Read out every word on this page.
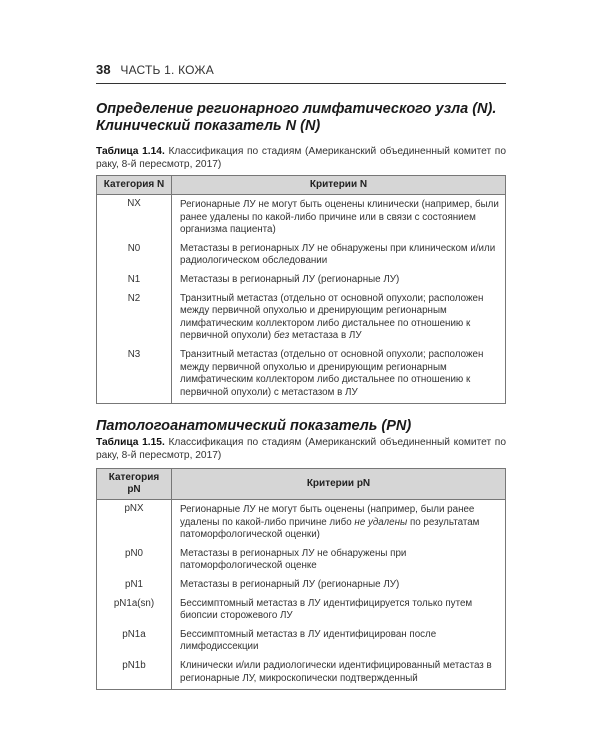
38 ЧАСТЬ 1. КОЖА
Определение регионарного лимфатического узла (N).
Клинический показатель N (N)
Таблица 1.14. Классификация по стадиям (Американский объединенный комитет по раку, 8-й пересмотр, 2017)
Категория N	Критерии N
NX	Регионарные ЛУ не могут быть оценены клинически (например, были ранее удалены по какой-либо причине или в связи с состоянием организма пациента)
N0	Метастазы в регионарных ЛУ не обнаружены при клиническом и/или радиологическом обследовании
N1	Метастазы в регионарный ЛУ (регионарные ЛУ)
N2	Транзитный метастаз (отдельно от основной опухоли; расположен между первичной опухолью и дренирующим регионарным лимфатическим коллектором либо дистальнее по отношению к первичной опухоли) без метастаза в ЛУ
N3	Транзитный метастаз (отдельно от основной опухоли; расположен между первичной опухолью и дренирующим регионарным лимфатическим коллектором либо дистальнее по отношению к первичной опухоли) с метастазом в ЛУ
Патологоанатомический показатель (PN)
Таблица 1.15. Классификация по стадиям (Американский объединенный комитет по раку, 8-й пересмотр, 2017)
Категория pN	Критерии pN
pNX	Регионарные ЛУ не могут быть оценены (например, были ранее удалены по какой-либо причине либо не удалены по результатам патоморфологической оценки)
pN0	Метастазы в регионарных ЛУ не обнаружены при патоморфологической оценке
pN1	Метастазы в регионарный ЛУ (регионарные ЛУ)
pN1a(sn)	Бессимптомный метастаз в ЛУ идентифицируется только путем биопсии сторожевого ЛУ
pN1a	Бессимптомный метастаз в ЛУ идентифицирован после лимфодиссекции
pN1b	Клинически и/или радиологически идентифицированный метастаз в регионарные ЛУ, микроскопически подтвержденный
